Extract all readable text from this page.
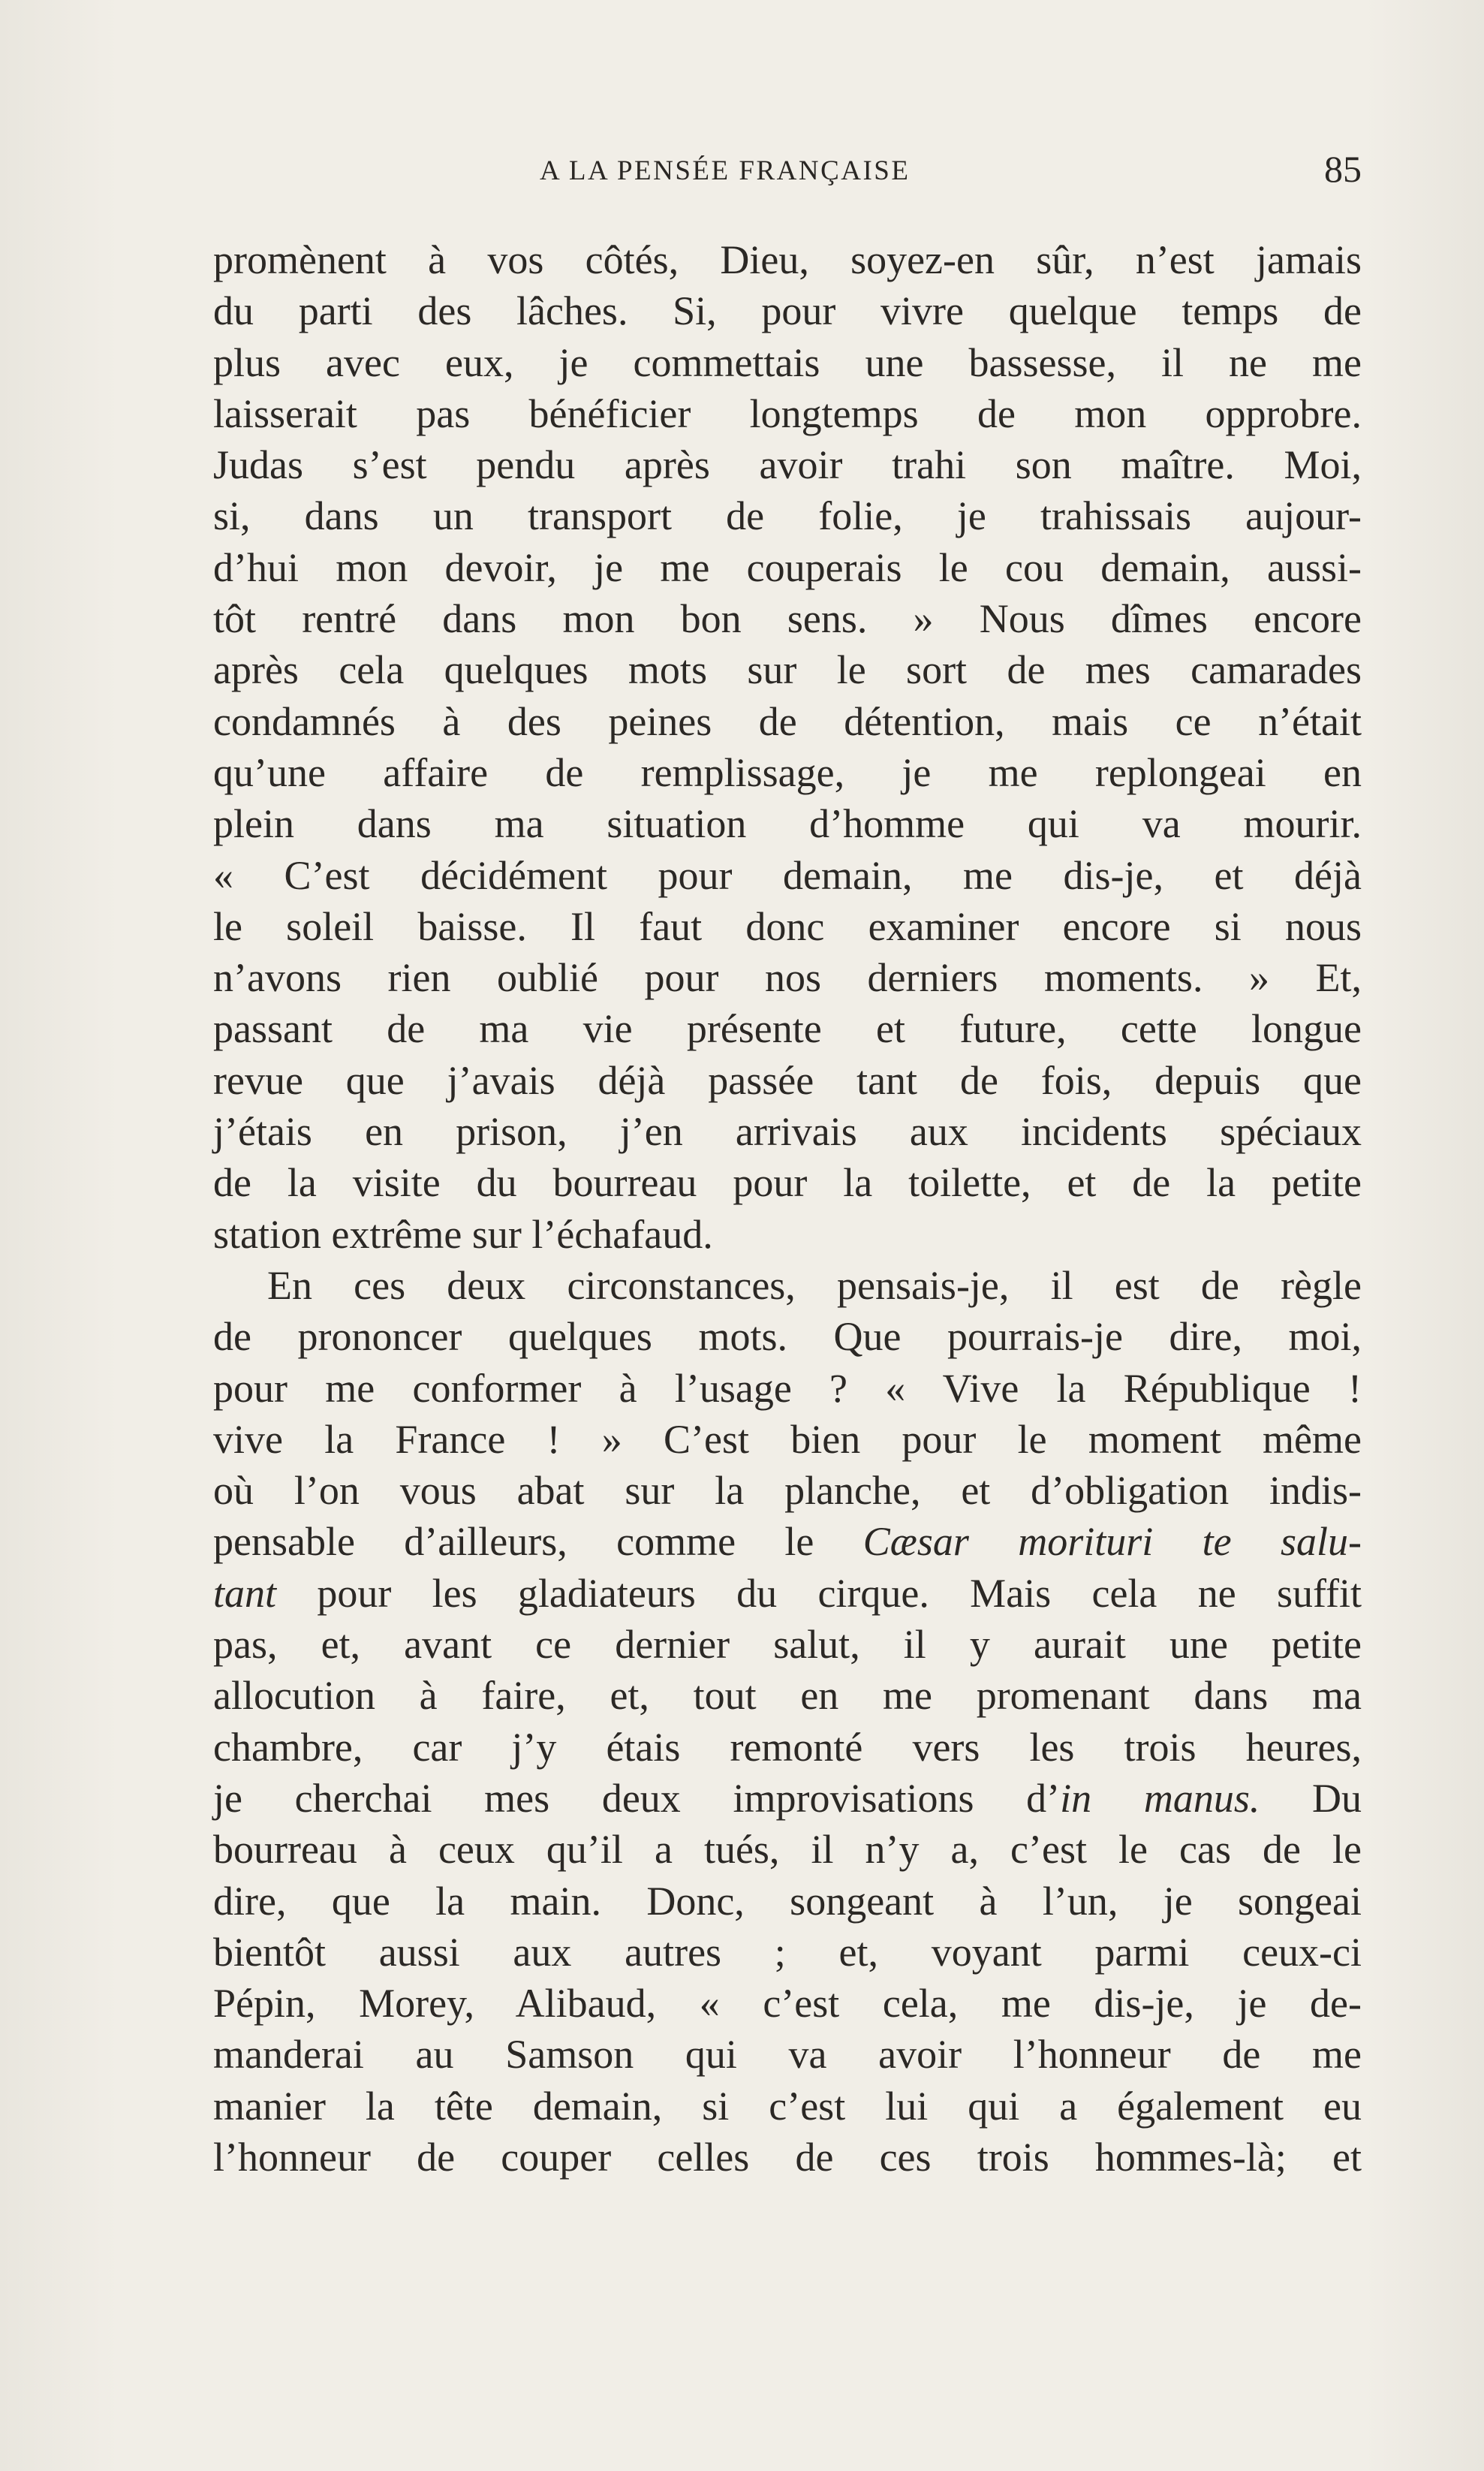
A LA PENSÉE FRANÇAISE	85
promènent à vos côtés, Dieu, soyez-en sûr, n’est jamais
du parti des lâches. Si, pour vivre quelque temps de
plus avec eux, je commettais une bassesse, il ne me
laisserait pas bénéficier longtemps de mon opprobre.
Judas s’est pendu après avoir trahi son maître. Moi,
si, dans un transport de folie, je trahissais aujour-
d’hui mon devoir, je me couperais le cou demain, aussi-
tôt rentré dans mon bon sens. » Nous dîmes encore
après cela quelques mots sur le sort de mes camarades
condamnés à des peines de détention, mais ce n’était
qu’une affaire de remplissage, je me replongeai en
plein dans ma situation d’homme qui va mourir.
« C’est décidément pour demain, me dis-je, et déjà
le soleil baisse. Il faut donc examiner encore si nous
n’avons rien oublié pour nos derniers moments. » Et,
passant de ma vie présente et future, cette longue
revue que j’avais déjà passée tant de fois, depuis que
j’étais en prison, j’en arrivais aux incidents spéciaux
de la visite du bourreau pour la toilette, et de la petite
station extrême sur l’échafaud.
En ces deux circonstances, pensais-je, il est de règle
de prononcer quelques mots. Que pourrais-je dire, moi,
pour me conformer à l’usage ? « Vive la République !
vive la France ! » C’est bien pour le moment même
où l’on vous abat sur la planche, et d’obligation indis-
pensable d’ailleurs, comme le Cæsar morituri te salu-
tant pour les gladiateurs du cirque. Mais cela ne suffit
pas, et, avant ce dernier salut, il y aurait une petite
allocution à faire, et, tout en me promenant dans ma
chambre, car j’y étais remonté vers les trois heures,
je cherchai mes deux improvisations d’in manus. Du
bourreau à ceux qu’il a tués, il n’y a, c’est le cas de le
dire, que la main. Donc, songeant à l’un, je songeai
bientôt aussi aux autres ; et, voyant parmi ceux-ci
Pépin, Morey, Alibaud, « c’est cela, me dis-je, je de-
manderai au Samson qui va avoir l’honneur de me
manier la tête demain, si c’est lui qui a également eu
l’honneur de couper celles de ces trois hommes-là; et
